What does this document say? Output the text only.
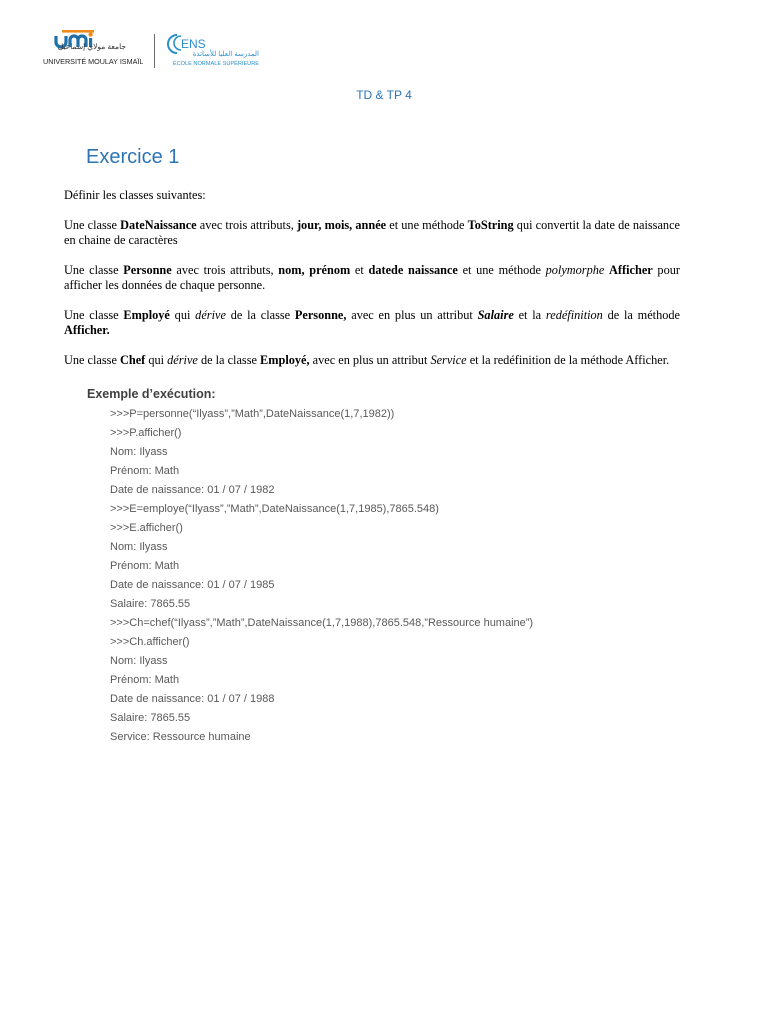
جامعة مولاي إسماعيل
UNIVERSITÉ MOULAY ISMAÏL
ENS
المدرسة العليا للأساتذة
ÉCOLE NORMALE SUPÉRIEURE
TD & TP 4
Exercice 1

Définir les classes suivantes:

Une classe DateNaissance avec trois attributs, jour, mois, année et une méthode ToString qui convertit la date de naissance en chaine de caractères

Une classe Personne avec trois attributs, nom, prénom et datede naissance et une méthode polymorphe Afficher pour afficher les données de chaque personne.

Une classe Employé qui dérive de la classe Personne, avec en plus un attribut Salaire et la redéfinition de la méthode Afficher.

Une classe Chef qui dérive de la classe Employé, avec en plus un attribut Service et la redéfinition de la méthode Afficher.

Exemple d’exécution:
>>>P=personne(“Ilyass”,”Math”,DateNaissance(1,7,1982))
>>>P.afficher()
Nom: Ilyass
Prénom: Math
Date de naissance: 01 / 07 / 1982
>>>E=employe(“Ilyass”,”Math”,DateNaissance(1,7,1985),7865.548)
>>>E.afficher()
Nom: Ilyass
Prénom: Math
Date de naissance: 01 / 07 / 1985
Salaire: 7865.55
>>>Ch=chef(“Ilyass”,”Math”,DateNaissance(1,7,1988),7865.548,”Ressource humaine”)
>>>Ch.afficher()
Nom: Ilyass
Prénom: Math
Date de naissance: 01 / 07 / 1988
Salaire: 7865.55
Service: Ressource humaine
